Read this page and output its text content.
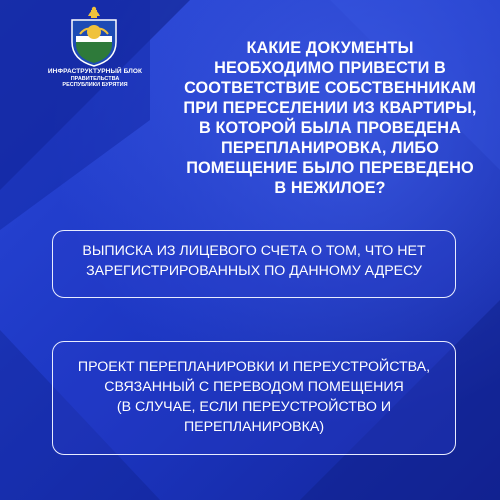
ИНФРАСТРУКТУРНЫЙ БЛОК
ПРАВИТЕЛЬСТВА
РЕСПУБЛИКИ БУРЯТИЯ
КАКИЕ ДОКУМЕНТЫ
НЕОБХОДИМО ПРИВЕСТИ В
СООТВЕТСТВИЕ СОБСТВЕННИКАМ
ПРИ ПЕРЕСЕЛЕНИИ ИЗ КВАРТИРЫ,
В КОТОРОЙ БЫЛА ПРОВЕДЕНА
ПЕРЕПЛАНИРОВКА, ЛИБО
ПОМЕЩЕНИЕ БЫЛО ПЕРЕВЕДЕНО
В НЕЖИЛОЕ?
ВЫПИСКА ИЗ ЛИЦЕВОГО СЧЕТА О ТОМ, ЧТО НЕТ
ЗАРЕГИСТРИРОВАННЫХ ПО ДАННОМУ АДРЕСУ
ПРОЕКТ ПЕРЕПЛАНИРОВКИ И ПЕРЕУСТРОЙСТВА,
СВЯЗАННЫЙ С ПЕРЕВОДОМ ПОМЕЩЕНИЯ
(В СЛУЧАЕ, ЕСЛИ ПЕРЕУСТРОЙСТВО И
ПЕРЕПЛАНИРОВКА)
